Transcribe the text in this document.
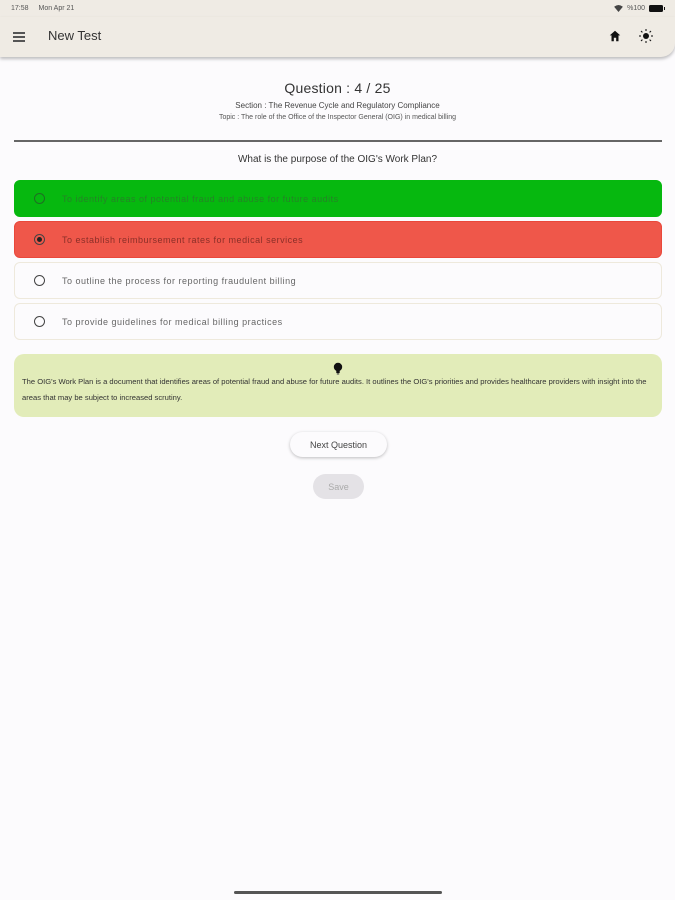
17:58 Mon Apr 21	%100
New Test
Question : 4 / 25
Section : The Revenue Cycle and Regulatory Compliance
Topic : The role of the Office of the Inspector General (OIG) in medical billing
What is the purpose of the OIG's Work Plan?
To identify areas of potential fraud and abuse for future audits
To establish reimbursement rates for medical services
To outline the process for reporting fraudulent billing
To provide guidelines for medical billing practices
The OIG's Work Plan is a document that identifies areas of potential fraud and abuse for future audits. It outlines the OIG's priorities and provides healthcare providers with insight into the areas that may be subject to increased scrutiny.
Next Question
Save
